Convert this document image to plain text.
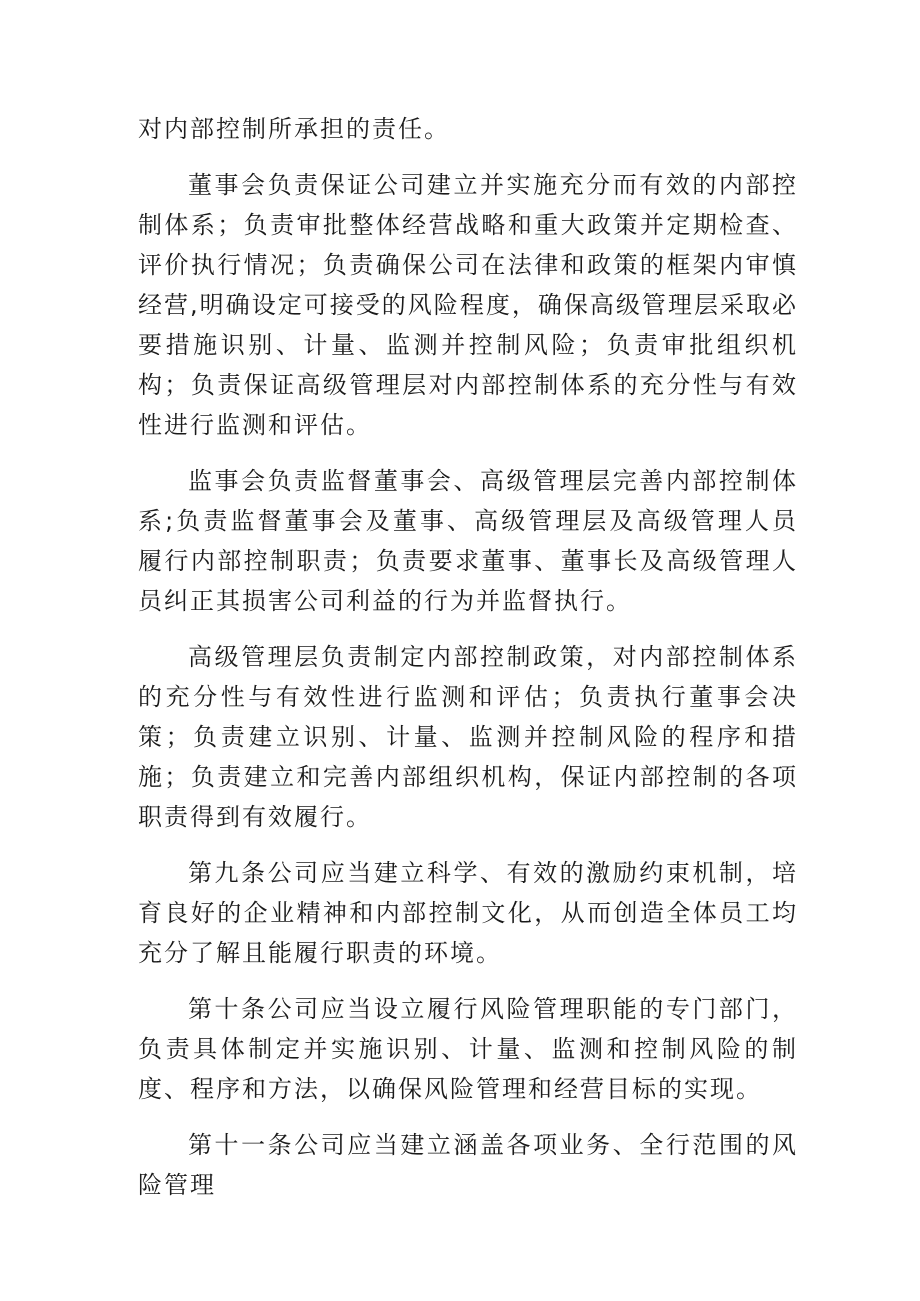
对内部控制所承担的责任。

董事会负责保证公司建立并实施充分而有效的内部控制体系；负责审批整体经营战略和重大政策并定期检查、评价执行情况；负责确保公司在法律和政策的框架内审慎经营,明确设定可接受的风险程度，确保高级管理层采取必要措施识别、计量、监测并控制风险；负责审批组织机构；负责保证高级管理层对内部控制体系的充分性与有效性进行监测和评估。

监事会负责监督董事会、高级管理层完善内部控制体系;负责监督董事会及董事、高级管理层及高级管理人员履行内部控制职责；负责要求董事、董事长及高级管理人员纠正其损害公司利益的行为并监督执行。

高级管理层负责制定内部控制政策，对内部控制体系的充分性与有效性进行监测和评估；负责执行董事会决策；负责建立识别、计量、监测并控制风险的程序和措施；负责建立和完善内部组织机构，保证内部控制的各项职责得到有效履行。

第九条公司应当建立科学、有效的激励约束机制，培育良好的企业精神和内部控制文化，从而创造全体员工均充分了解且能履行职责的环境。

第十条公司应当设立履行风险管理职能的专门部门，负责具体制定并实施识别、计量、监测和控制风险的制度、程序和方法，以确保风险管理和经营目标的实现。

第十一条公司应当建立涵盖各项业务、全行范围的风险管理
